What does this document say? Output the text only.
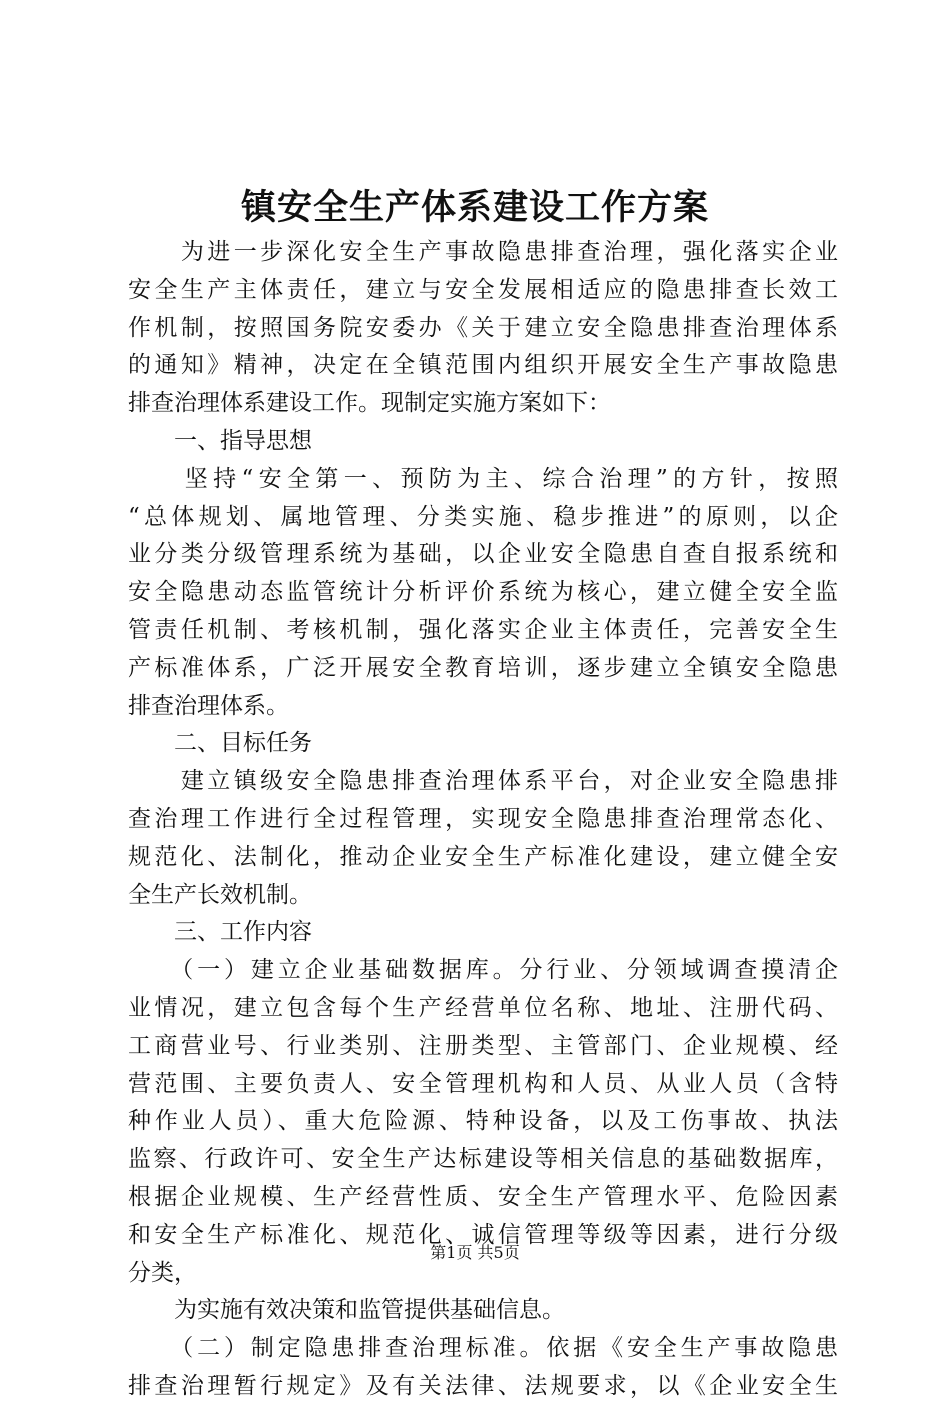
镇安全生产体系建设工作方案
　　为进一步深化安全生产事故隐患排查治理，强化落实企业
安全生产主体责任，建立与安全发展相适应的隐患排查长效工
作机制，按照国务院安委办《关于建立安全隐患排查治理体系
的通知》精神，决定在全镇范围内组织开展安全生产事故隐患
排查治理体系建设工作。现制定实施方案如下：
　　一、指导思想
　　坚持“安全第一、预防为主、综合治理”的方针，按照
“总体规划、属地管理、分类实施、稳步推进”的原则，以企
业分类分级管理系统为基础，以企业安全隐患自查自报系统和
安全隐患动态监管统计分析评价系统为核心，建立健全安全监
管责任机制、考核机制，强化落实企业主体责任，完善安全生
产标准体系，广泛开展安全教育培训，逐步建立全镇安全隐患
排查治理体系。
　　二、目标任务
　　建立镇级安全隐患排查治理体系平台，对企业安全隐患排
查治理工作进行全过程管理，实现安全隐患排查治理常态化、
规范化、法制化，推动企业安全生产标准化建设，建立健全安
全生产长效机制。
　　三、工作内容
　　（一）建立企业基础数据库。分行业、分领域调查摸清企
业情况，建立包含每个生产经营单位名称、地址、注册代码、
工商营业号、行业类别、注册类型、主管部门、企业规模、经
营范围、主要负责人、安全管理机构和人员、从业人员（含特
种作业人员）、重大危险源、特种设备，以及工伤事故、执法
监察、行政许可、安全生产达标建设等相关信息的基础数据库，
根据企业规模、生产经营性质、安全生产管理水平、危险因素
和安全生产标准化、规范化、诚信管理等级等因素，进行分级
分类，
　　为实施有效决策和监管提供基础信息。
　　（二）制定隐患排查治理标准。依据《安全生产事故隐患
排查治理暂行规定》及有关法律、法规要求，以《企业安全生
第1页 共5页
